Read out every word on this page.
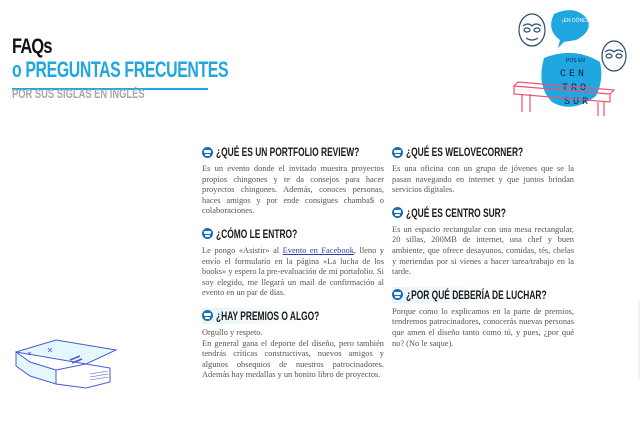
FAQs
o PREGUNTAS FRECUENTES
POR SUS SIGLAS EN INGLÉS
¡EN DÓNDE, MANUEL!
POS EN
CEN
TRO
SUR
¿QUÉ ES UN PORTFOLIO REVIEW?

Es un evento donde el invitado muestra proyectos propios chingones y te da consejos para hacer proyectos chingones. Además, conoces personas, haces amigos y por ende consigues chamba$ o colaboraciones.

¿CÓMO LE ENTRO?

Le pongo «Asistir» al Evento en Facebook, lleno y envío el formulario en la página «La lucha de los books» y espero la pre-evaluación de mi portafolio. Si soy elegido, me llegará un mail de confirmación al evento en un par de días.

¿HAY PREMIOS O ALGO?

Orgullo y respeto.

En general gana el deporte del diseño, pero también tendrás críticas constructivas, nuevos amigos y algunos obsequios de nuestros patrocinadores. Además hay medallas y un bonito libro de proyectos.

¿QUÉ ES WELOVECORNER?

Es una oficina con un grupo de jóvenes que se la pasan navegando en internet y que juntos brindan servicios digitales.

¿QUÉ ES CENTRO SUR?

Es un espacio rectangular con una mesa rectangular, 20 sillas, 200MB de internet, una chef y buen ambiente, que ofrece desayunos, comidas, tés, chelas y meriendas por si vienes a hacer tarea/trabajo en la tarde.

¿POR QUÉ DEBERÍA DE LUCHAR?

Porque como lo explicamos en la parte de premios, tendremos patrocinadores, conocerás nuevas personas que amen el diseño tanto como tú, y pues, ¿por qué no? (No le saque).
